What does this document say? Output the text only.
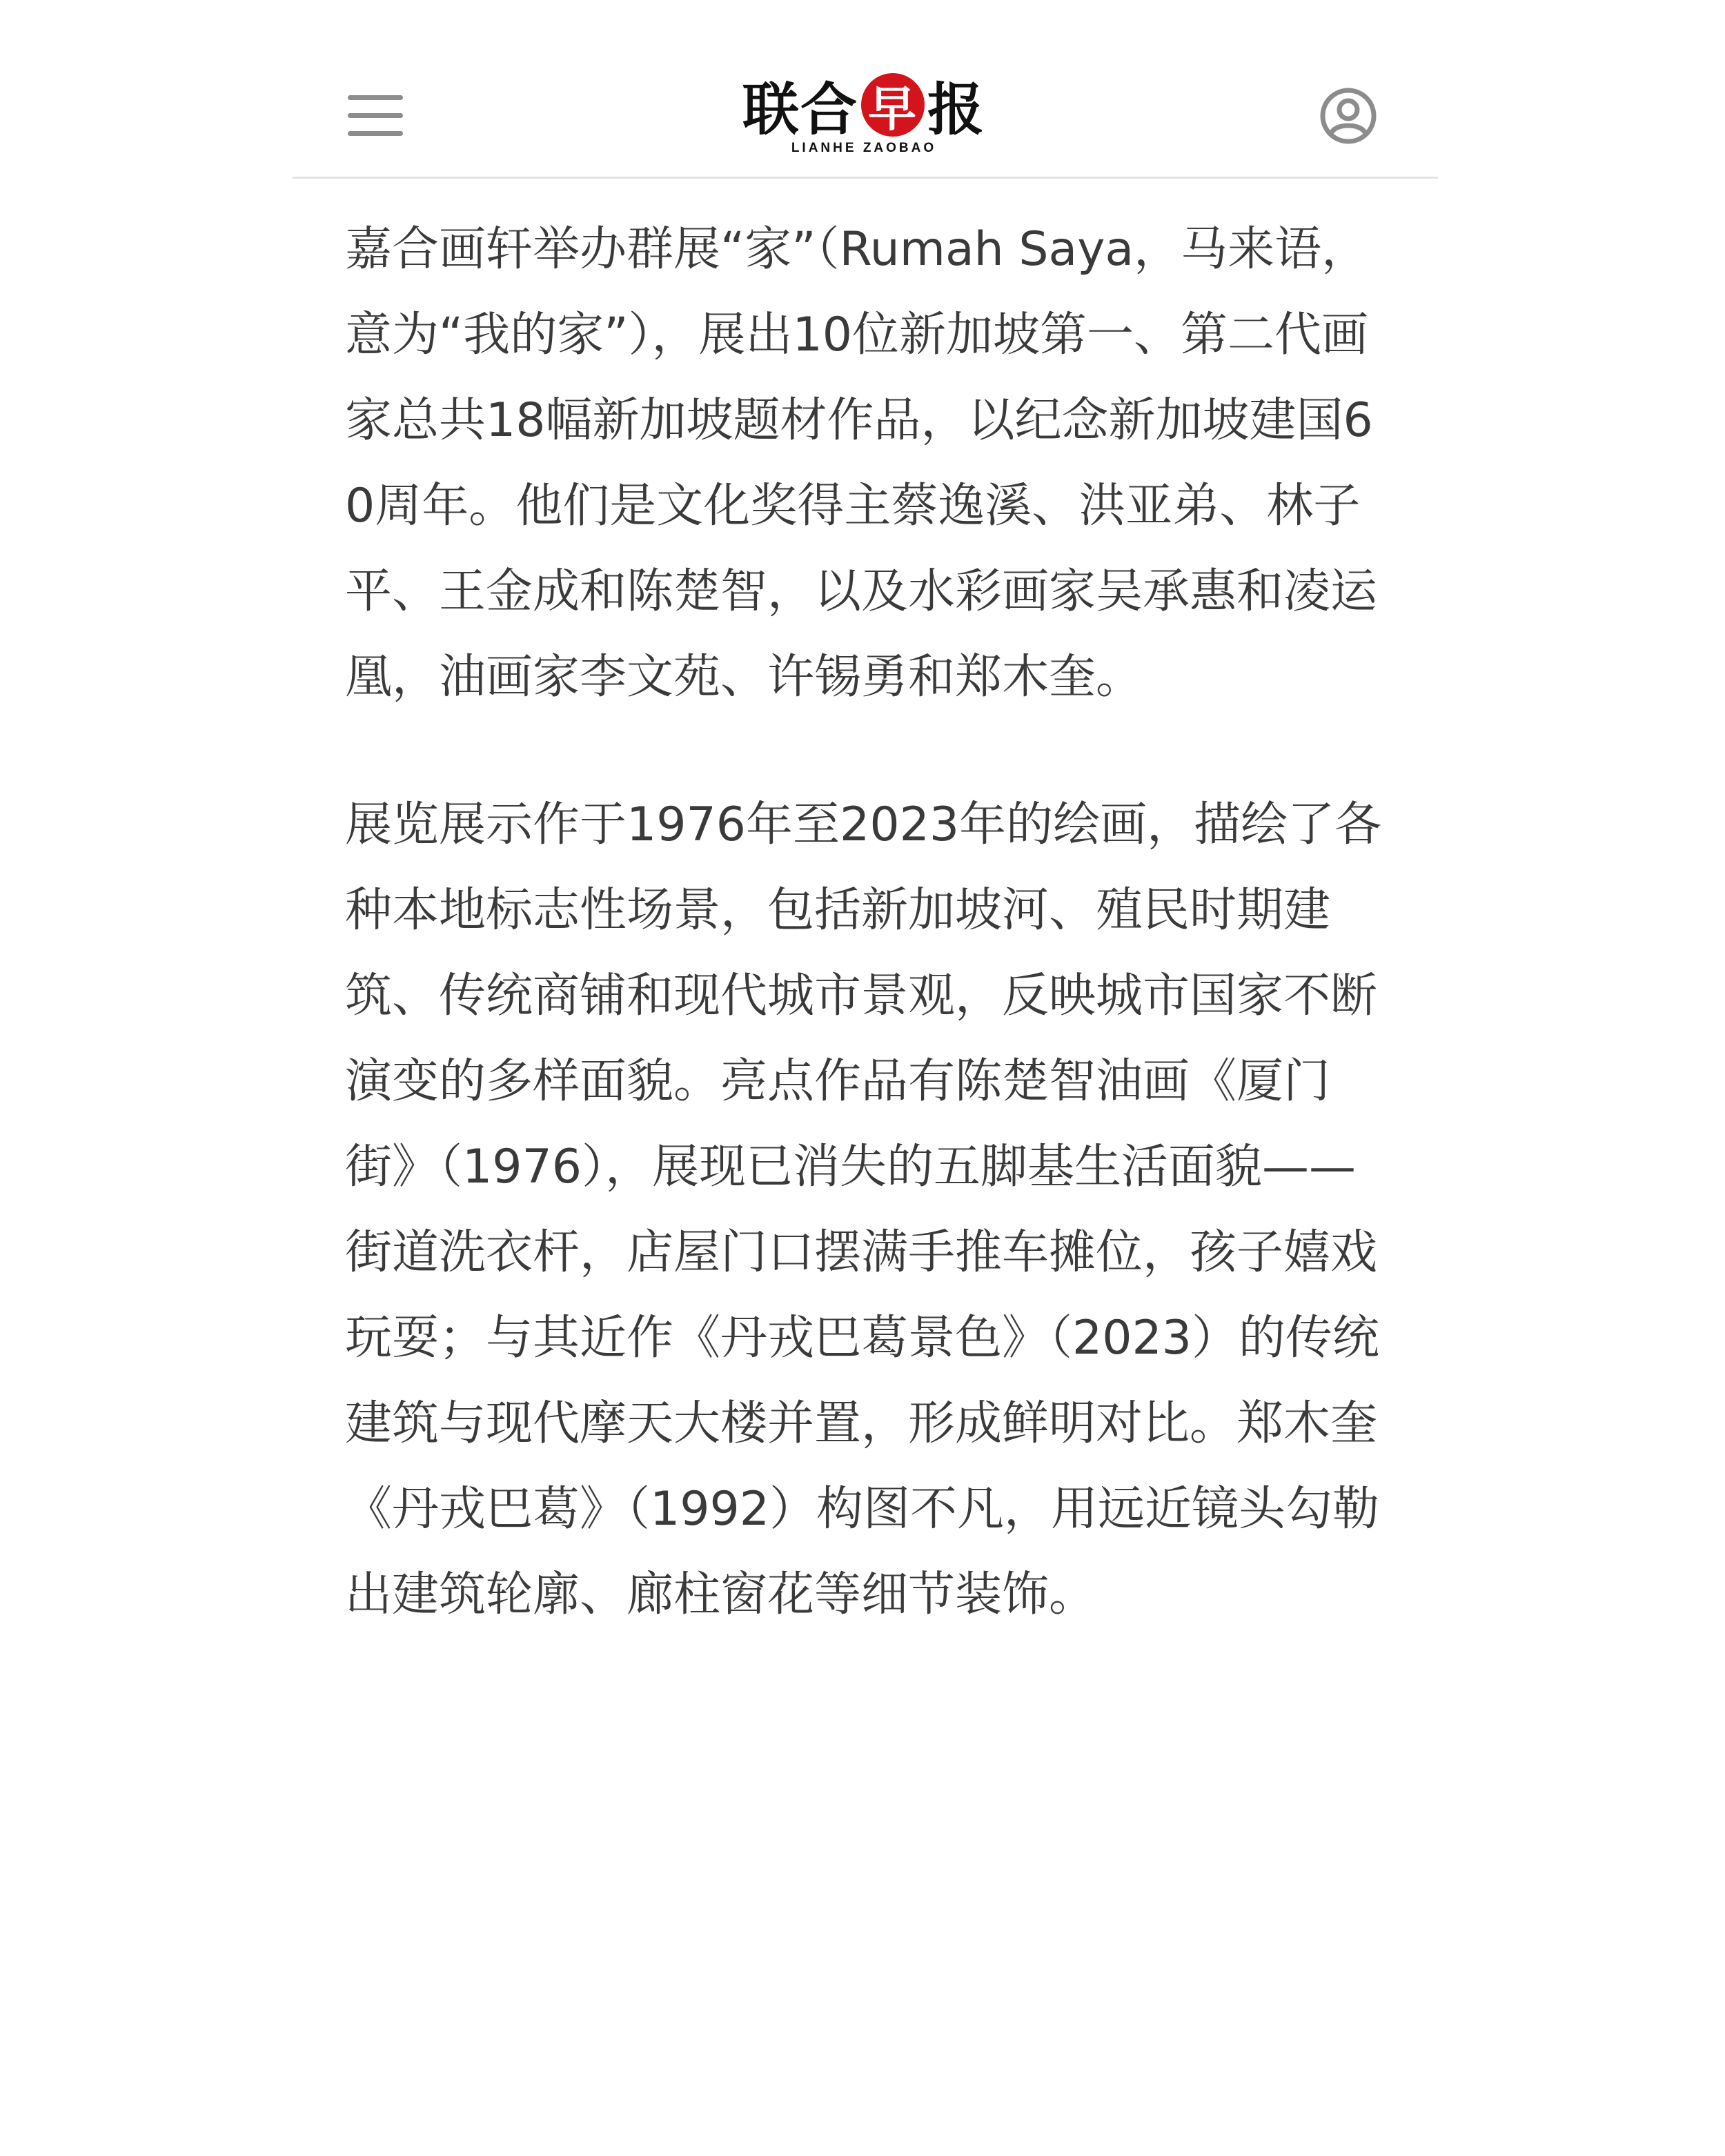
联 合 早 报
LIANHE ZAOBAO

嘉合画轩举办群展“家”（Rumah Saya，马来语，意为“我的家”），展出10位新加坡第一、第二代画家总共18幅新加坡题材作品，以纪念新加坡建国60周年。他们是文化奖得主蔡逸溪、洪亚弟、林子平、王金成和陈楚智，以及水彩画家吴承惠和凌运凰，油画家李文苑、许锡勇和郑木奎。

展览展示作于1976年至2023年的绘画，描绘了各种本地标志性场景，包括新加坡河、殖民时期建筑、传统商铺和现代城市景观，反映城市国家不断演变的多样面貌。亮点作品有陈楚智油画《厦门街》（1976），展现已消失的五脚基生活面貌——街道洗衣杆，店屋门口摆满手推车摊位，孩子嬉戏玩耍；与其近作《丹戎巴葛景色》（2023）的传统建筑与现代摩天大楼并置，形成鲜明对比。郑木奎《丹戎巴葛》（1992）构图不凡，用远近镜头勾勒出建筑轮廓、廊柱窗花等细节装饰。
